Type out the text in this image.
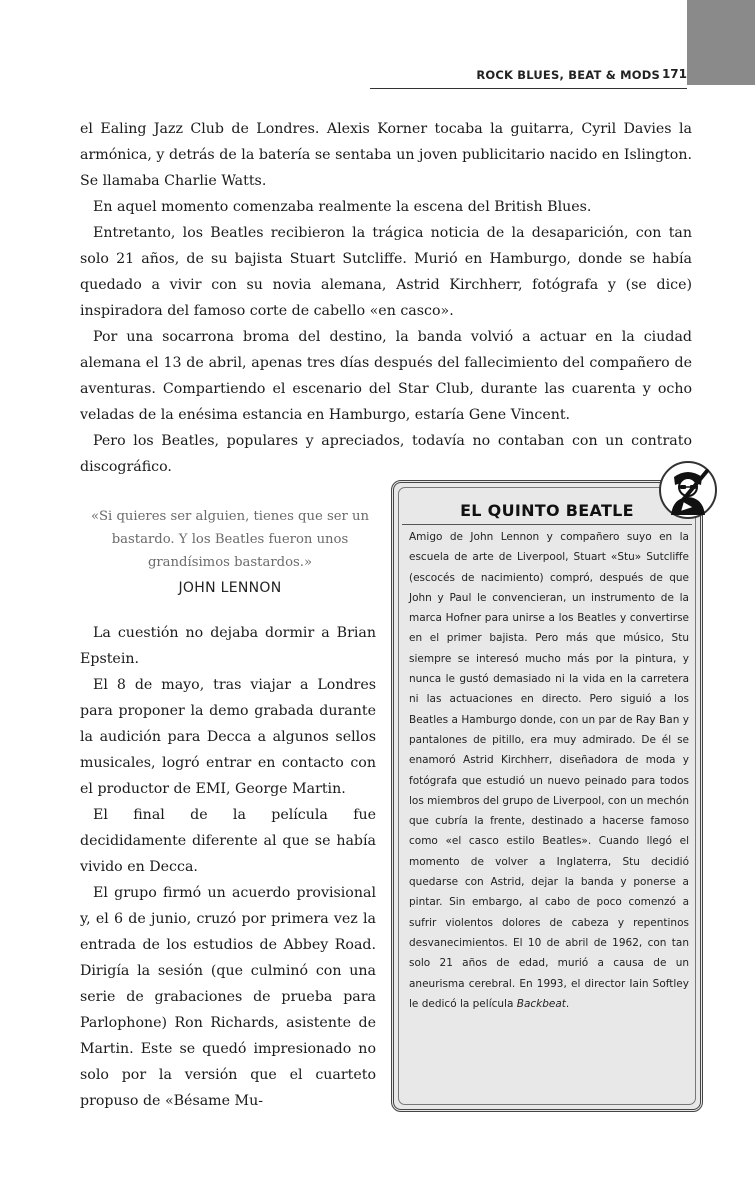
ROCK BLUES, BEAT & MODS 171

el Ealing Jazz Club de Londres. Alexis Korner tocaba la guitarra, Cyril Davies la armónica, y detrás de la batería se sentaba un joven publicitario nacido en Islington. Se llamaba Charlie Watts.

En aquel momento comenzaba realmente la escena del British Blues.

Entretanto, los Beatles recibieron la trágica noticia de la desaparición, con tan solo 21 años, de su bajista Stuart Sutcliffe. Murió en Hamburgo, donde se había quedado a vivir con su novia alemana, Astrid Kirchherr, fotógrafa y (se dice) inspiradora del famoso corte de cabello «en casco».

Por una socarrona broma del destino, la banda volvió a actuar en la ciudad alemana el 13 de abril, apenas tres días después del fallecimiento del compañero de aventuras. Compartiendo el escenario del Star Club, durante las cuarenta y ocho veladas de la enésima estancia en Hamburgo, estaría Gene Vincent.

Pero los Beatles, populares y apreciados, todavía no contaban con un contrato discográfico.

«Si quieres ser alguien, tienes que ser un bastardo. Y los Beatles fueron unos grandísimos bastardos.»
JOHN LENNON

La cuestión no dejaba dormir a Brian Epstein.

El 8 de mayo, tras viajar a Londres para proponer la demo grabada durante la audición para Decca a algunos sellos musicales, logró entrar en contacto con el productor de EMI, George Martin.

El final de la película fue decididamente diferente al que se había vivido en Decca.

El grupo firmó un acuerdo provisional y, el 6 de junio, cruzó por primera vez la entrada de los estudios de Abbey Road. Dirigía la sesión (que culminó con una serie de grabaciones de prueba para Parlophone) Ron Richards, asistente de Martin. Este se quedó impresionado no solo por la versión que el cuarteto propuso de «Bésame Mu-

EL QUINTO BEATLE
Amigo de John Lennon y compañero suyo en la escuela de arte de Liverpool, Stuart «Stu» Sutcliffe (escocés de nacimiento) compró, después de que John y Paul le convencieran, un instrumento de la marca Hofner para unirse a los Beatles y convertirse en el primer bajista. Pero más que músico, Stu siempre se interesó mucho más por la pintura, y nunca le gustó demasiado ni la vida en la carretera ni las actuaciones en directo. Pero siguió a los Beatles a Hamburgo donde, con un par de Ray Ban y pantalones de pitillo, era muy admirado. De él se enamoró Astrid Kirchherr, diseñadora de moda y fotógrafa que estudió un nuevo peinado para todos los miembros del grupo de Liverpool, con un mechón que cubría la frente, destinado a hacerse famoso como «el casco estilo Beatles». Cuando llegó el momento de volver a Inglaterra, Stu decidió quedarse con Astrid, dejar la banda y ponerse a pintar. Sin embargo, al cabo de poco comenzó a sufrir violentos dolores de cabeza y repentinos desvanecimientos. El 10 de abril de 1962, con tan solo 21 años de edad, murió a causa de un aneurisma cerebral. En 1993, el director Iain Softley le dedicó la película Backbeat.
